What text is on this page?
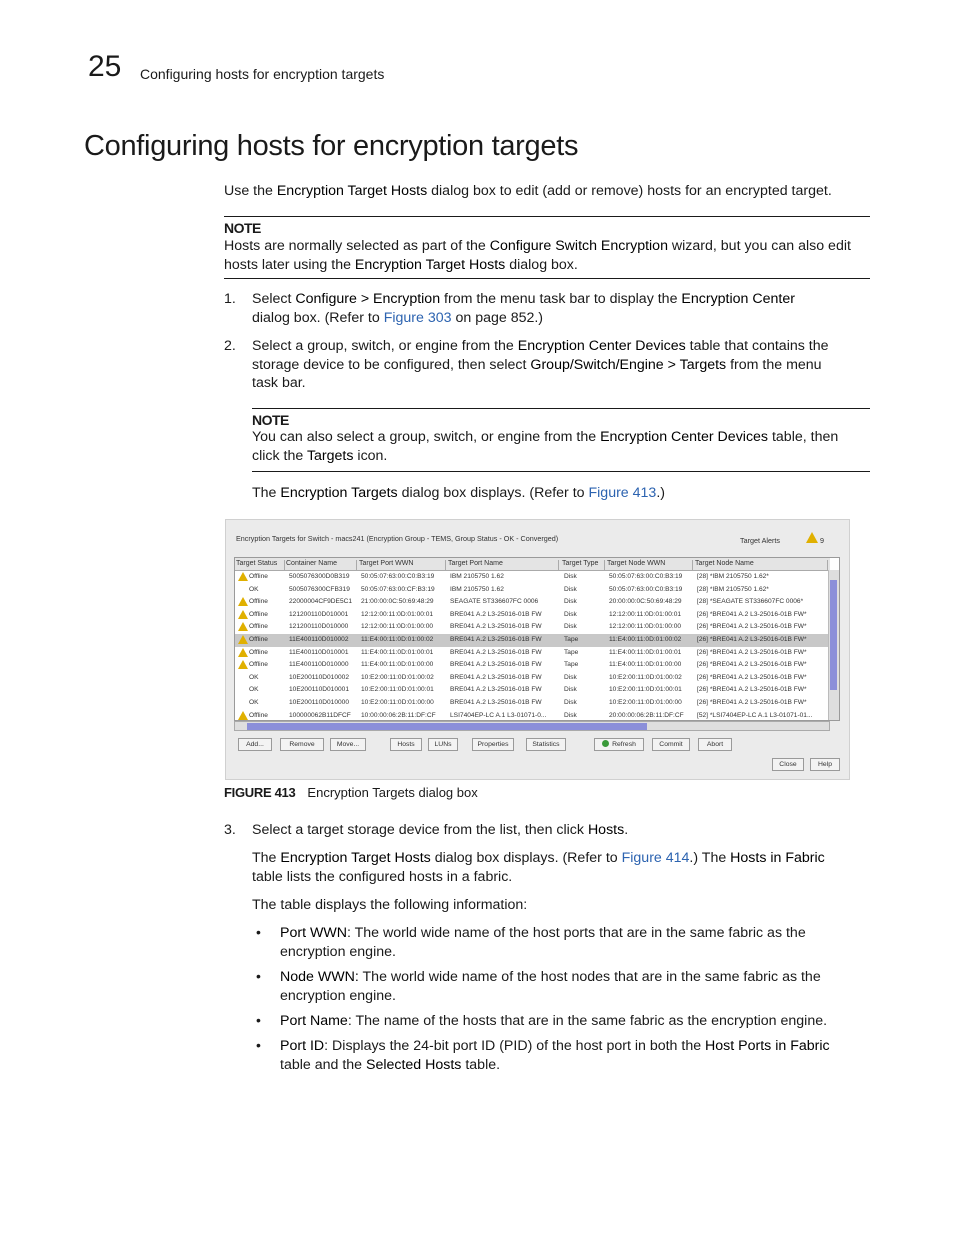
25 Configuring hosts for encryption targets
Configuring hosts for encryption targets
Use the Encryption Target Hosts dialog box to edit (add or remove) hosts for an encrypted target.
NOTE
Hosts are normally selected as part of the Configure Switch Encryption wizard, but you can also edit
hosts later using the Encryption Target Hosts dialog box.
1. Select Configure > Encryption from the menu task bar to display the Encryption Center
dialog box. (Refer to Figure 303 on page 852.)
2. Select a group, switch, or engine from the Encryption Center Devices table that contains the
storage device to be configured, then select Group/Switch/Engine > Targets from the menu
task bar.
NOTE
You can also select a group, switch, or engine from the Encryption Center Devices table, then
click the Targets icon.
The Encryption Targets dialog box displays. (Refer to Figure 413.)
Encryption Targets for Switch - macs241 (Encryption Group - TEMS, Group Status - OK - Converged)	Target Alerts	9
Target Status	Container Name	Target Port WWN	Target Port Name	Target Type	Target Node WWN	Target Node Name
Offline	5005076300D0B319 50:05:07:63:00:C0:B3:19 IBM 2105750 1.62	Disk	50:05:07:63:00:C0:B3:19 [28] *IBM 2105750 1.62*
OK	5005076300CFB319 50:05:07:63:00:CF:B3:19 IBM 2105750 1.62	Disk	50:05:07:63:00:C0:B3:19 [28] *IBM 2105750 1.62*
Offline	22000004CF9DE5C1 21:00:00:0C:50:69:48:29 SEAGATE ST336607FC 0006	Disk	20:00:00:0C:50:69:48:29 [28] *SEAGATE ST336607FC 0006*
Offline	121200110D010001 12:12:00:11:0D:01:00:01	BRE041 A.2 L3-25016-01B FW	Disk	12:12:00:11:0D:01:00:01 [26] *BRE041 A.2 L3-25016-01B FW*
Offline	121200110D010000 12:12:00:11:0D:01:00:00	BRE041 A.2 L3-25016-01B FW	Disk	12:12:00:11:0D:01:00:00 [26] *BRE041 A.2 L3-25016-01B FW*
Offline	11E400110D010002 11:E4:00:11:0D:01:00:02	BRE041 A.2 L3-25016-01B FW	Tape	11:E4:00:11:0D:01:00:02 [26] *BRE041 A.2 L3-25016-01B FW*
Offline	11E400110D010001 11:E4:00:11:0D:01:00:01	BRE041 A.2 L3-25016-01B FW	Tape	11:E4:00:11:0D:01:00:01 [26] *BRE041 A.2 L3-25016-01B FW*
Offline	11E400110D010000 11:E4:00:11:0D:01:00:00	BRE041 A.2 L3-25016-01B FW	Tape	11:E4:00:11:0D:01:00:00 [26] *BRE041 A.2 L3-25016-01B FW*
OK	10E200110D010002 10:E2:00:11:0D:01:00:02 BRE041 A.2 L3-25016-01B FW	Disk	10:E2:00:11:0D:01:00:02 [26] *BRE041 A.2 L3-25016-01B FW*
OK	10E200110D010001 10:E2:00:11:0D:01:00:01 BRE041 A.2 L3-25016-01B FW	Disk	10:E2:00:11:0D:01:00:01 [26] *BRE041 A.2 L3-25016-01B FW*
OK	10E200110D010000 10:E2:00:11:0D:01:00:00 BRE041 A.2 L3-25016-01B FW	Disk	10:E2:00:11:0D:01:00:00 [26] *BRE041 A.2 L3-25016-01B FW*
Offline	100000062B11DFCF 10:00:00:06:2B:11:DF:CF LSI7404EP-LC A.1 L3-01071-0...	Disk	20:00:00:06:2B:11:DF:CF [52] *LSI7404EP-LC A.1 L3-01071-01...
Add...	Remove	Move...	Hosts	LUNs	Properties	Statistics	Refresh	Commit	Abort
Close	Help
FIGURE 413 Encryption Targets dialog box
3. Select a target storage device from the list, then click Hosts.
The Encryption Target Hosts dialog box displays. (Refer to Figure 414.) The Hosts in Fabric
table lists the configured hosts in a fabric.
The table displays the following information:
• Port WWN: The world wide name of the host ports that are in the same fabric as the
encryption engine.
• Node WWN: The world wide name of the host nodes that are in the same fabric as the
encryption engine.
• Port Name: The name of the hosts that are in the same fabric as the encryption engine.
• Port ID: Displays the 24-bit port ID (PID) of the host port in both the Host Ports in Fabric
table and the Selected Hosts table.
